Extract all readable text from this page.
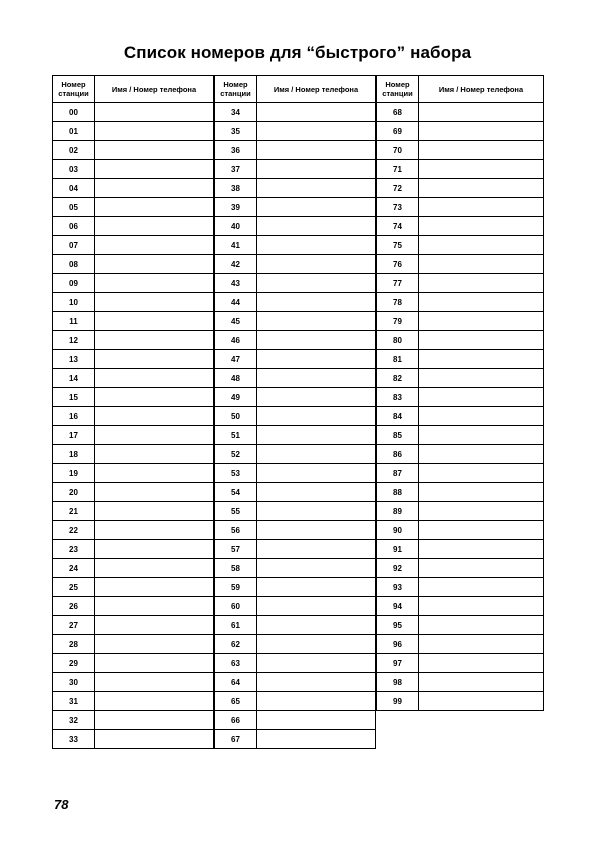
Список номеров для “быстрого” набора
Номер станции	Имя / Номер телефона
00	
01	
02	
03	
04	
05	
06	
07	
08	
09	
10	
11	
12	
13	
14	
15	
16	
17	
18	
19	
20	
21	
22	
23	
24	
25	
26	
27	
28	
29	
30	
31	
32	
33	
Номер станции	Имя / Номер телефона
34	
35	
36	
37	
38	
39	
40	
41	
42	
43	
44	
45	
46	
47	
48	
49	
50	
51	
52	
53	
54	
55	
56	
57	
58	
59	
60	
61	
62	
63	
64	
65	
66	
67	
Номер станции	Имя / Номер телефона
68	
69	
70	
71	
72	
73	
74	
75	
76	
77	
78	
79	
80	
81	
82	
83	
84	
85	
86	
87	
88	
89	
90	
91	
92	
93	
94	
95	
96	
97	
98	
99	
78
